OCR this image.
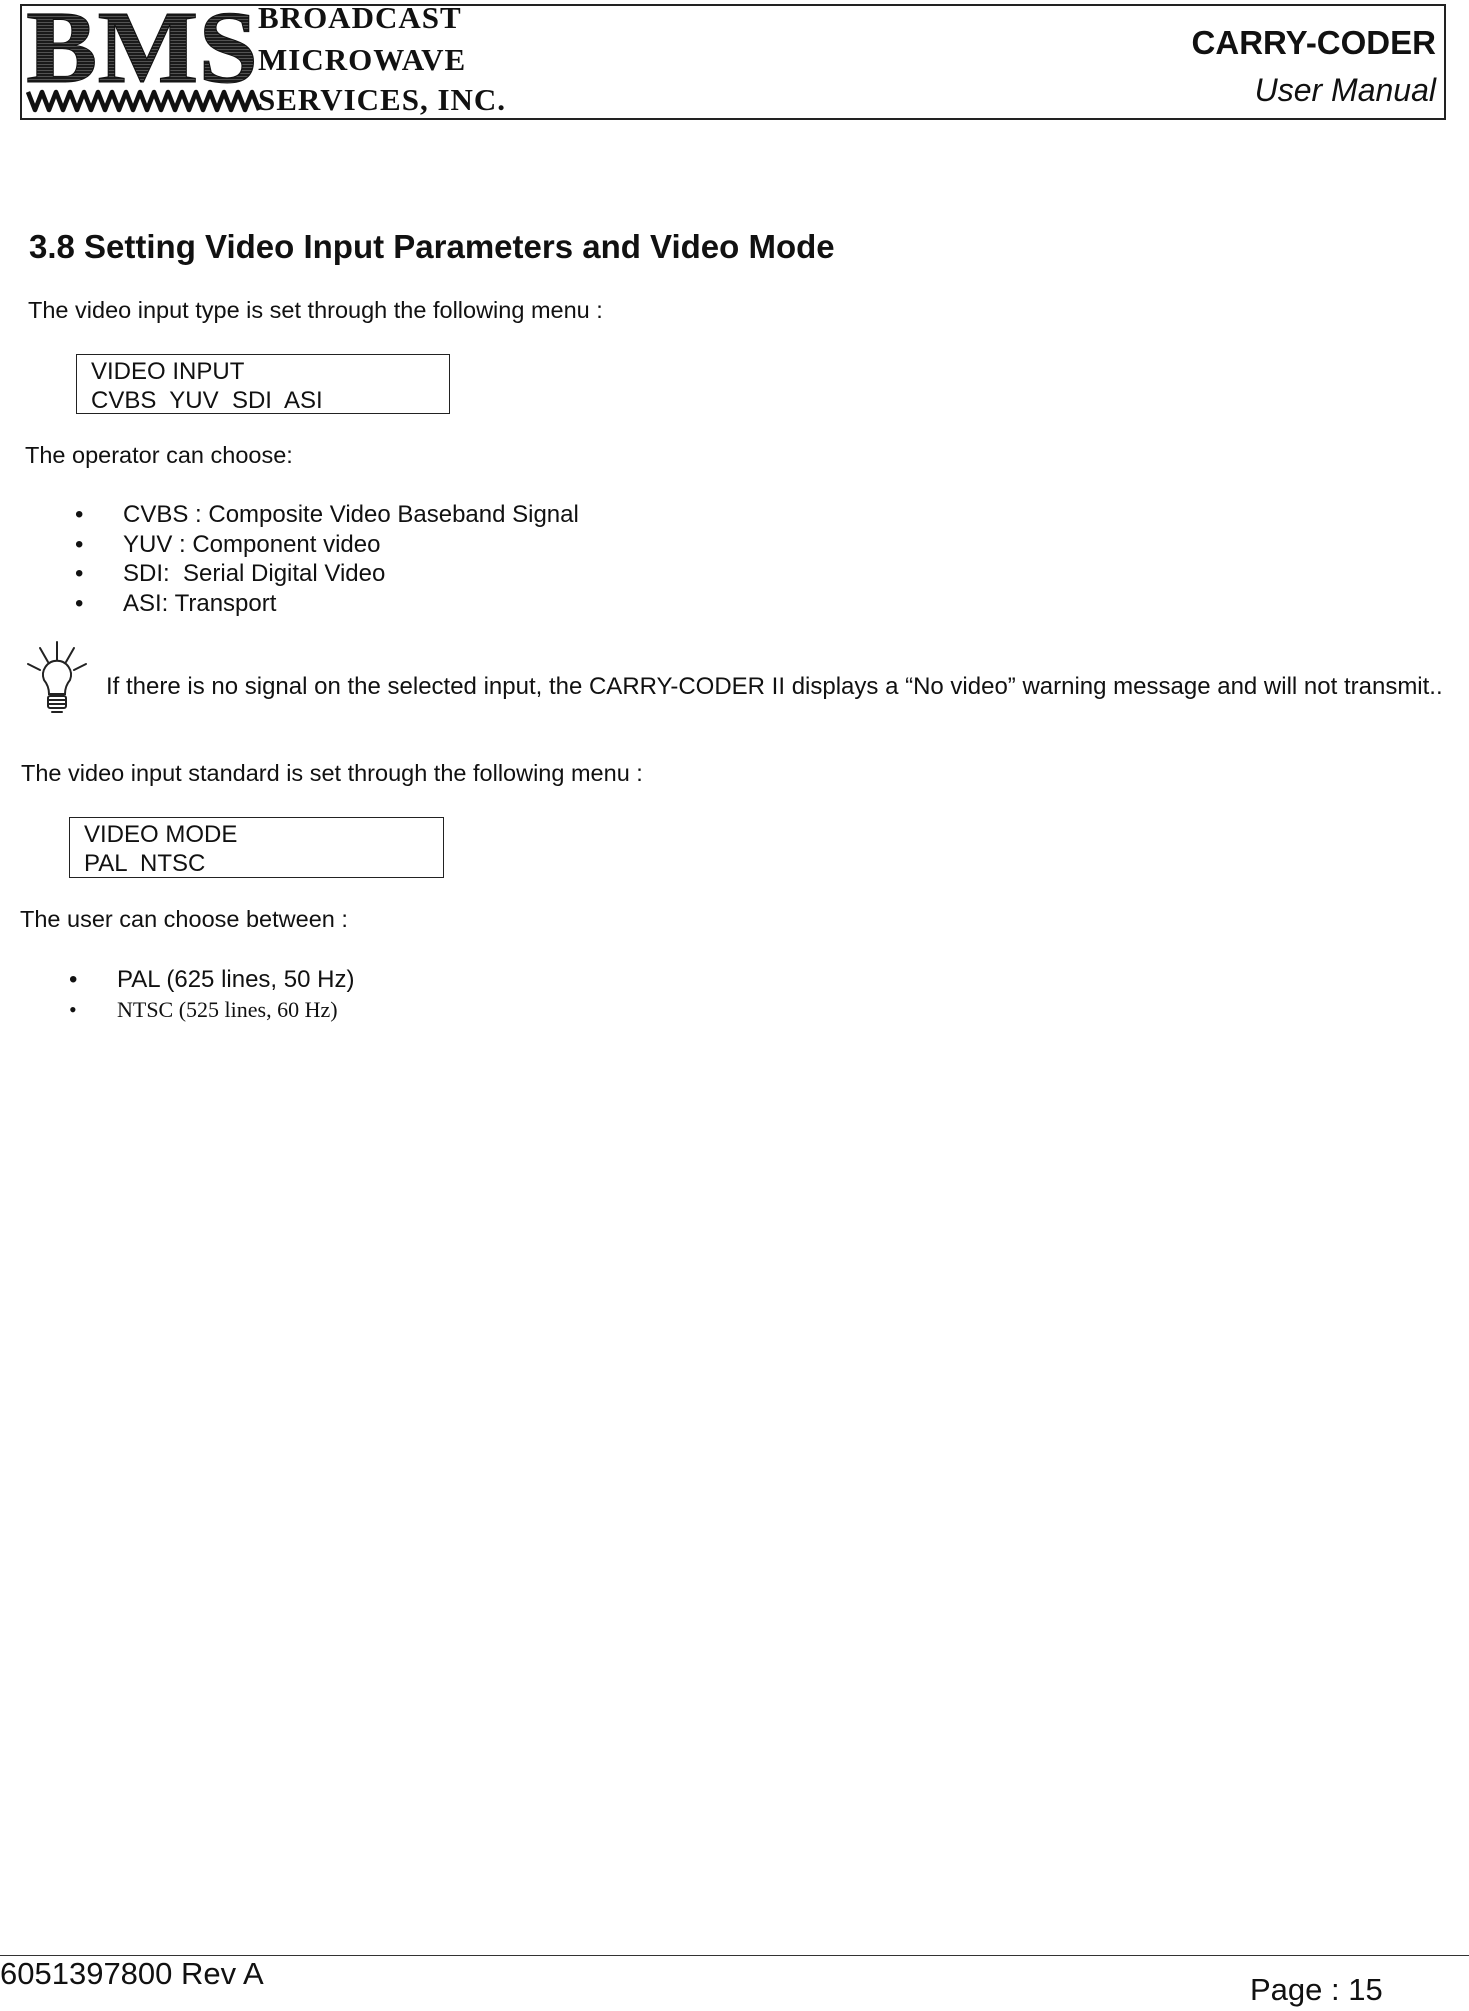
BMS BROADCAST
MICROWAVE
SERVICES, INC.
CARRY-CODER
User Manual
3.8 Setting Video Input Parameters and Video Mode
The video input type is set through the following menu :
VIDEO INPUT
CVBS  YUV  SDI  ASI
The operator can choose:
• CVBS : Composite Video Baseband Signal
• YUV : Component video
• SDI:  Serial Digital Video
• ASI: Transport
If there is no signal on the selected input, the CARRY-CODER II displays a “No video” warning message and will not transmit..
The video input standard is set through the following menu :
VIDEO MODE
PAL  NTSC
The user can choose between :
• PAL (625 lines, 50 Hz)
• NTSC (525 lines, 60 Hz)
6051397800 Rev A	Page : 15
